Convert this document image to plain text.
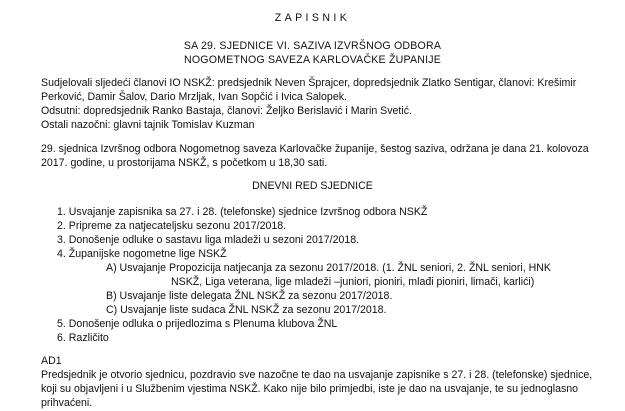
ZAPISNIK
SA 29. SJEDNICE VI. SAZIVA IZVRŠNOG ODBORA
NOGOMETNOG SAVEZA KARLOVAČKE ŽUPANIJE
Sudjelovali sljedeći članovi IO NSKŽ: predsjednik Neven Šprajcer, dopredsjednik Zlatko Sentigar, članovi: Krešimir
Perković, Damir Šalov, Dario Mrzljak, Ivan Sopčić i Ivica Salopek.
Odsutni: dopredsjednik Ranko Bastaja, članovi: Željko Berislavić i Marin Svetić.
Ostali nazočni: glavni tajnik Tomislav Kuzman
29. sjednica Izvršnog odbora Nogometnog saveza Karlovačke županije, šestog saziva, održana je dana 21. kolovoza
2017. godine, u prostorijama NSKŽ, s početkom u 18,30 sati.
DNEVNI RED SJEDNICE
1. Usvajanje zapisnika sa 27. i 28. (telefonske) sjednice Izvršnog odbora NSKŽ
2. Pripreme za natjecateljsku sezonu 2017/2018.
3. Donošenje odluke o sastavu liga mladeži u sezoni 2017/2018.
4. Županijske nogometne lige NSKŽ
A) Usvajanje Propozicija natjecanja za sezonu 2017/2018. (1. ŽNL seniori, 2. ŽNL seniori, HNK
NSKŽ, Liga veterana, lige mladeži –juniori, pioniri, mlađi pioniri, limači, karlići)
B) Usvajanje liste delegata ŽNL NSKŽ za sezonu 2017/2018.
C) Usvajanje liste sudaca ŽNL NSKŽ za sezonu 2017/2018.
5. Donošenje odluka o prijedlozima s Plenuma klubova ŽNL
6. Različito
AD1
Predsjednik je otvorio sjednicu, pozdravio sve nazočne te dao na usvajanje zapisnike s 27. i 28. (telefonske) sjednice,
koji su objavljeni i u Službenim vjestima NSKŽ. Kako nije bilo primjedbi, iste je dao na usvajanje, te su jednoglasno
prihvaćeni.
